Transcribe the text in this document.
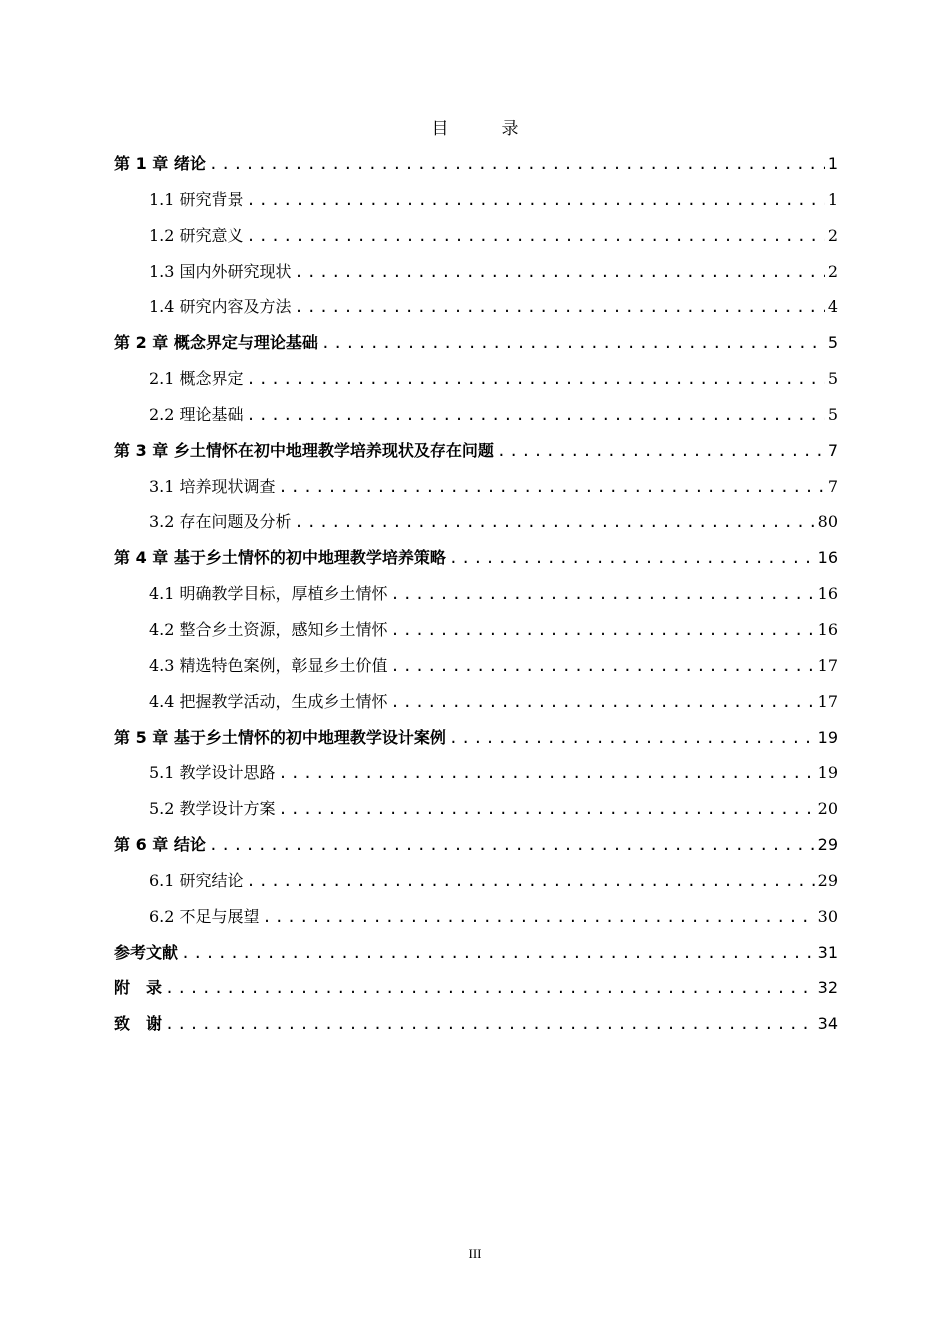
目　录
第 1 章 绪论 .....	1
1.1 研究背景 .....	1
1.2 研究意义 .....	2
1.3 国内外研究现状 .....	2
1.4 研究内容及方法 .....	4
第 2 章 概念界定与理论基础 .....	5
2.1 概念界定 .....	5
2.2 理论基础 .....	5
第 3 章 乡土情怀在初中地理教学培养现状及存在问题 .....	7
3.1 培养现状调查 .....	7
3.2 存在问题及分析 .....	80
第 4 章 基于乡土情怀的初中地理教学培养策略 .....	16
4.1 明确教学目标，厚植乡土情怀 .....	16
4.2 整合乡土资源，感知乡土情怀 .....	16
4.3 精选特色案例，彰显乡土价值 .....	17
4.4 把握教学活动，生成乡土情怀 .....	17
第 5 章 基于乡土情怀的初中地理教学设计案例 .....	19
5.1 教学设计思路 .....	19
5.2 教学设计方案 .....	20
第 6 章 结论 .....	29
6.1 研究结论 .....	29
6.2 不足与展望 .....	30
参考文献 .....	31
附　录 .....	32
致　谢 .....	34
III
